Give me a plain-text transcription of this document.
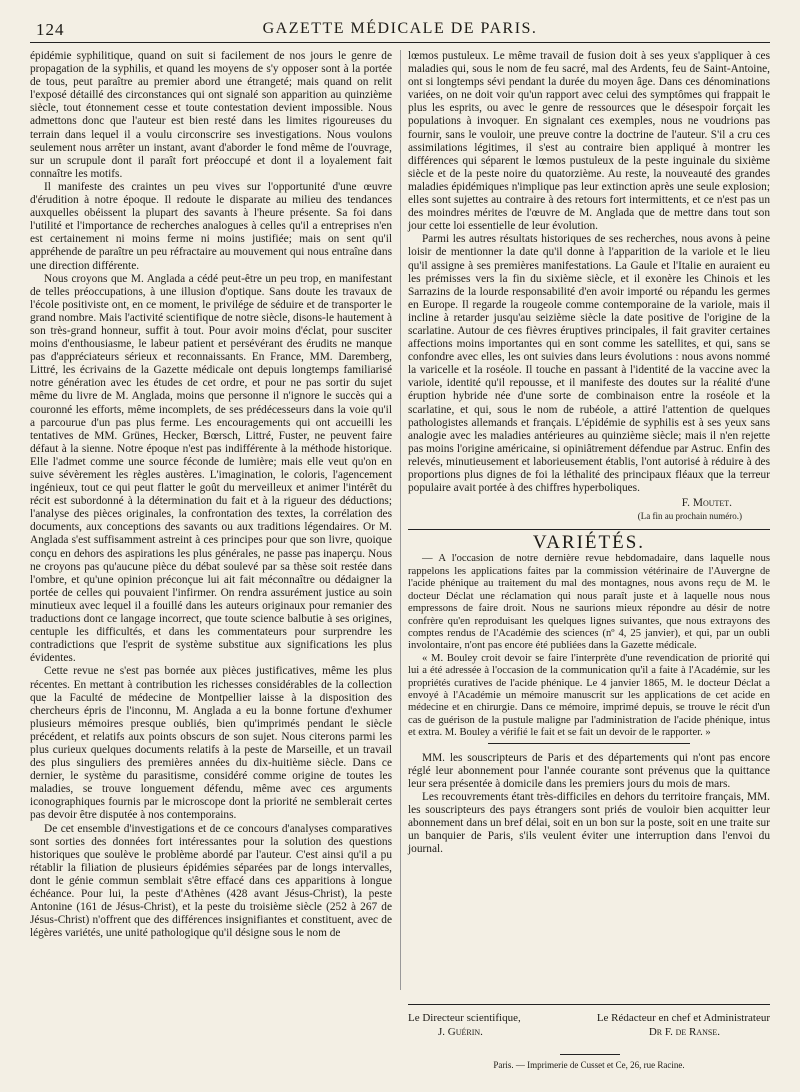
124	GAZETTE MÉDICALE DE PARIS.

épidémie syphilitique, quand on suit si facilement de nos jours le genre de propagation de la syphilis, et quand les moyens de s'y opposer sont à la portée de tous, peut paraître au premier abord une étrangeté; mais quand on relit l'exposé détaillé des circonstances qui ont signalé son apparition au quinzième siècle, tout étonnement cesse et toute contestation devient impossible. Nous admettons donc que l'auteur est bien resté dans les limites rigoureuses du terrain dans lequel il a voulu circonscrire ses investigations. Nous voulons seulement nous arrêter un instant, avant d'aborder le fond même de l'ouvrage, sur un scrupule dont il paraît fort préoccupé et dont il a loyalement fait connaître les motifs.

Il manifeste des craintes un peu vives sur l'opportunité d'une œuvre d'érudition à notre époque. Il redoute le disparate au milieu des tendances auxquelles obéissent la plupart des savants à l'heure présente. Sa foi dans l'utilité et l'importance de recherches analogues à celles qu'il a entreprises n'en est certainement ni moins ferme ni moins justifiée; mais on sent qu'il appréhende de paraître un peu réfractaire au mouvement qui nous entraîne dans une direction différente.

Nous croyons que M. Anglada a cédé peut-être un peu trop, en manifestant de telles préoccupations, à une illusion d'optique. Sans doute les travaux de l'école positiviste ont, en ce moment, le privilége de séduire et de transporter le grand nombre. Mais l'activité scientifique de notre siècle, disons-le hautement à son très-grand honneur, suffit à tout. Pour avoir moins d'éclat, pour susciter moins d'enthousiasme, le labeur patient et persévérant des érudits ne manque pas d'appréciateurs sérieux et reconnaissants. En France, MM. Daremberg, Littré, les écrivains de la Gazette médicale ont depuis longtemps familiarisé notre génération avec les études de cet ordre, et pour ne pas sortir du sujet même du livre de M. Anglada, moins que personne il n'ignore le succès qui a couronné les efforts, même incomplets, de ses prédécesseurs dans la voie qu'il a parcourue d'un pas plus ferme. Les encouragements qui ont accueilli les tentatives de MM. Grünes, Hecker, Bœrsch, Littré, Fuster, ne peuvent faire défaut à la sienne. Notre époque n'est pas indifférente à la méthode historique. Elle l'admet comme une source féconde de lumière; mais elle veut qu'on en suive sévèrement les règles austères. L'imagination, le coloris, l'agencement ingénieux, tout ce qui peut flatter le goût du merveilleux et animer l'intérêt du récit est subordonné à la détermination du fait et à la rigueur des déductions; l'analyse des pièces originales, la confrontation des textes, la corrélation des documents, aux conceptions des savants ou aux traditions légendaires. Or M. Anglada s'est suffisamment astreint à ces principes pour que son livre, quoique conçu en dehors des aspirations les plus générales, ne passe pas inaperçu. Nous ne croyons pas qu'aucune pièce du débat soulevé par sa thèse soit restée dans l'ombre, et qu'une opinion préconçue lui ait fait méconnaître ou dédaigner la portée de celles qui pouvaient l'infirmer. On rendra assurément justice au soin minutieux avec lequel il a fouillé dans les auteurs originaux pour remanier des traductions dont ce langage incorrect, que toute science balbutie à ses origines, centuple les difficultés, et dans les commentateurs pour surprendre les contradictions que l'esprit de système substitue aux significations les plus évidentes.

Cette revue ne s'est pas bornée aux pièces justificatives, même les plus récentes. En mettant à contribution les richesses considérables de la collection que la Faculté de médecine de Montpellier laisse à la disposition des chercheurs épris de l'inconnu, M. Anglada a eu la bonne fortune d'exhumer plusieurs mémoires presque oubliés, bien qu'imprimés pendant le siècle précédent, et relatifs aux points obscurs de son sujet. Nous citerons parmi les plus curieux quelques documents relatifs à la peste de Marseille, et un travail des plus singuliers des premières années du dix-huitième siècle. Dans ce dernier, le système du parasitisme, considéré comme origine de toutes les maladies, se trouve longuement défendu, même avec ces arguments iconographiques fournis par le microscope dont la priorité ne semblerait certes pas devoir être disputée à nos contemporains.

De cet ensemble d'investigations et de ce concours d'analyses comparatives sont sorties des données fort intéressantes pour la solution des questions historiques que soulève le problème abordé par l'auteur. C'est ainsi qu'il a pu rétablir la filiation de plusieurs épidémies séparées par de longs intervalles, dont le génie commun semblait s'être effacé dans ces apparitions à longue échéance. Pour lui, la peste d'Athènes (428 avant Jésus-Christ), la peste Antonine (161 de Jésus-Christ), et la peste du troisième siècle (252 à 267 de Jésus-Christ) n'offrent que des différences insignifiantes et constituent, avec de légères variétés, une unité pathologique qu'il désigne sous le nom de

lœmos pustuleux. Le même travail de fusion doit à ses yeux s'appliquer à ces maladies qui, sous le nom de feu sacré, mal des Ardents, feu de Saint-Antoine, ont si longtemps sévi pendant la durée du moyen âge. Dans ces dénominations variées, on ne doit voir qu'un rapport avec celui des symptômes qui frappait le plus les esprits, ou avec le genre de ressources que le désespoir forçait les populations à invoquer. En signalant ces exemples, nous ne voudrions pas fournir, sans le vouloir, une preuve contre la doctrine de l'auteur. S'il a cru ces assimilations légitimes, il s'est au contraire bien appliqué à montrer les différences qui séparent le lœmos pustuleux de la peste inguinale du sixième siècle et de la peste noire du quatorzième. Au reste, la nouveauté des grandes maladies épidémiques n'implique pas leur extinction après une seule explosion; elles sont sujettes au contraire à des retours fort intermittents, et ce n'est pas un des moindres mérites de l'œuvre de M. Anglada que de mettre dans tout son jour cette loi essentielle de leur évolution.

Parmi les autres résultats historiques de ses recherches, nous avons à peine loisir de mentionner la date qu'il donne à l'apparition de la variole et le lieu qu'il assigne à ses premières manifestations. La Gaule et l'Italie en auraient eu les prémisses vers la fin du sixième siècle, et il exonère les Chinois et les Sarrazins de la lourde responsabilité d'en avoir importé ou répandu les germes en Europe. Il regarde la rougeole comme contemporaine de la variole, mais il incline à retarder jusqu'au seizième siècle la date positive de l'origine de la scarlatine. Autour de ces fièvres éruptives principales, il fait graviter certaines affections moins importantes qui en sont comme les satellites, et qui, sans se confondre avec elles, les ont suivies dans leurs évolutions : nous avons nommé la varicelle et la roséole. Il touche en passant à l'identité de la vaccine avec la variole, identité qu'il repousse, et il manifeste des doutes sur la réalité d'une éruption hybride née d'une sorte de combinaison entre la roséole et la scarlatine, et qui, sous le nom de rubéole, a attiré l'attention de quelques pathologistes allemands et français. L'épidémie de syphilis est à ses yeux sans analogie avec les maladies antérieures au quinzième siècle; mais il n'en rejette pas moins l'origine américaine, si opiniâtrement défendue par Astruc. Enfin des relevés, minutieusement et laborieusement établis, l'ont autorisé à réduire à des proportions plus dignes de foi la léthalité des principaux fléaux que la terreur populaire avait portée à des chiffres hyperboliques.

F. Moutet.
(La fin au prochain numéro.)
VARIÉTÉS.

— A l'occasion de notre dernière revue hebdomadaire, dans laquelle nous rappelons les applications faites par la commission vétérinaire de l'Auvergne de l'acide phénique au traitement du mal des montagnes, nous avons reçu de M. le docteur Déclat une réclamation qui nous paraît juste et à laquelle nous nous empressons de faire droit. Nous ne saurions mieux répondre au désir de notre confrère qu'en reproduisant les quelques lignes suivantes, que nous extrayons des comptes rendus de l'Académie des sciences (nº 4, 25 janvier), et qui, par un oubli involontaire, n'ont pas encore été publiées dans la Gazette médicale.

« M. Bouley croit devoir se faire l'interprète d'une revendication de priorité qui lui a été adressée à l'occasion de la communication qu'il a faite à l'Académie, sur les propriétés curatives de l'acide phénique. Le 4 janvier 1865, M. le docteur Déclat a envoyé à l'Académie un mémoire manuscrit sur les applications de cet acide en médecine et en chirurgie. Dans ce mémoire, imprimé depuis, se trouve le récit d'un cas de guérison de la pustule maligne par l'administration de l'acide phénique, intus et extra. M. Bouley a vérifié le fait et se fait un devoir de le rapporter. »

MM. les souscripteurs de Paris et des départements qui n'ont pas encore réglé leur abonnement pour l'année courante sont prévenus que la quittance leur sera présentée à domicile dans les premiers jours du mois de mars.

Les recouvrements étant très-difficiles en dehors du territoire français, MM. les souscripteurs des pays étrangers sont priés de vouloir bien acquitter leur abonnement dans un bref délai, soit en un bon sur la poste, soit en une traite sur un banquier de Paris, s'ils veulent éviter une interruption dans l'envoi du journal.

Le Directeur scientifique,	Le Rédacteur en chef et Administrateur
J. Guérin.	Dr F. de Ranse.
Paris. — Imprimerie de Cusset et Ce, 26, rue Racine.
